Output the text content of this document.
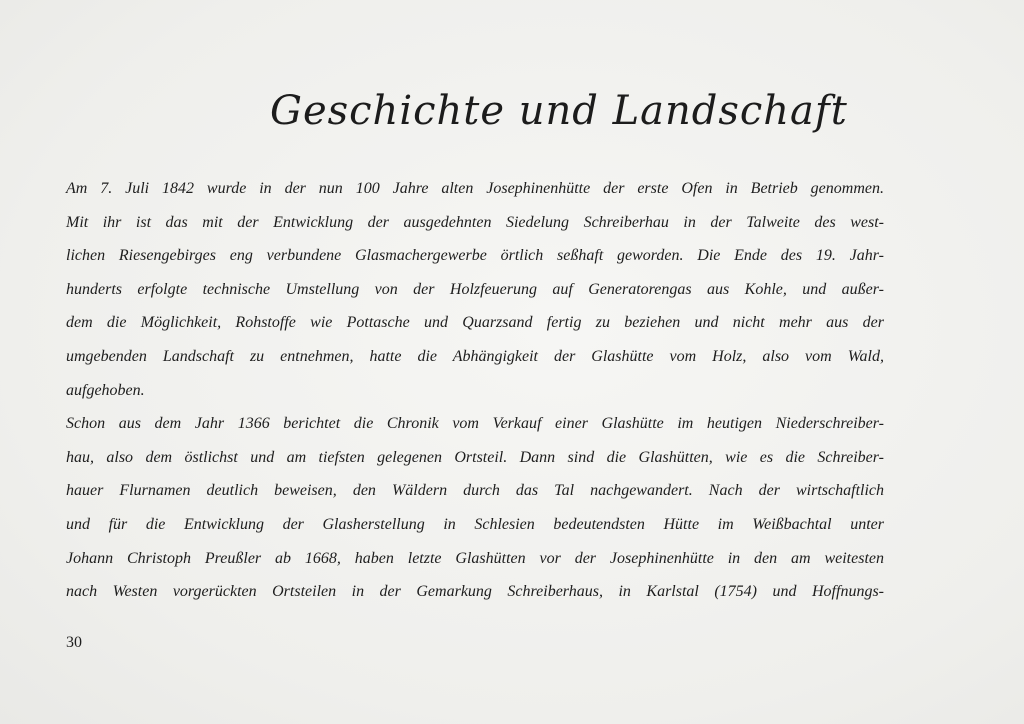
Geschichte und Landschaft
Am 7. Juli 1842 wurde in der nun 100 Jahre alten Josephinenhütte der erste Ofen in Betrieb genommen.
Mit ihr ist das mit der Entwicklung der ausgedehnten Siedelung Schreiberhau in der Talweite des west-
lichen Riesengebirges eng verbundene Glasmachergewerbe örtlich seßhaft geworden. Die Ende des 19. Jahr-
hunderts erfolgte technische Umstellung von der Holzfeuerung auf Generatorengas aus Kohle, und außer-
dem die Möglichkeit, Rohstoffe wie Pottasche und Quarzsand fertig zu beziehen und nicht mehr aus der
umgebenden Landschaft zu entnehmen, hatte die Abhängigkeit der Glashütte vom Holz, also vom Wald,
aufgehoben.
Schon aus dem Jahr 1366 berichtet die Chronik vom Verkauf einer Glashütte im heutigen Niederschreiber-
hau, also dem östlichst und am tiefsten gelegenen Ortsteil. Dann sind die Glashütten, wie es die Schreiber-
hauer Flurnamen deutlich beweisen, den Wäldern durch das Tal nachgewandert. Nach der wirtschaftlich
und für die Entwicklung der Glasherstellung in Schlesien bedeutendsten Hütte im Weißbachtal unter
Johann Christoph Preußler ab 1668, haben letzte Glashütten vor der Josephinenhütte in den am weitesten
nach Westen vorgerückten Ortsteilen in der Gemarkung Schreiberhaus, in Karlstal (1754) und Hoffnungs-
30
